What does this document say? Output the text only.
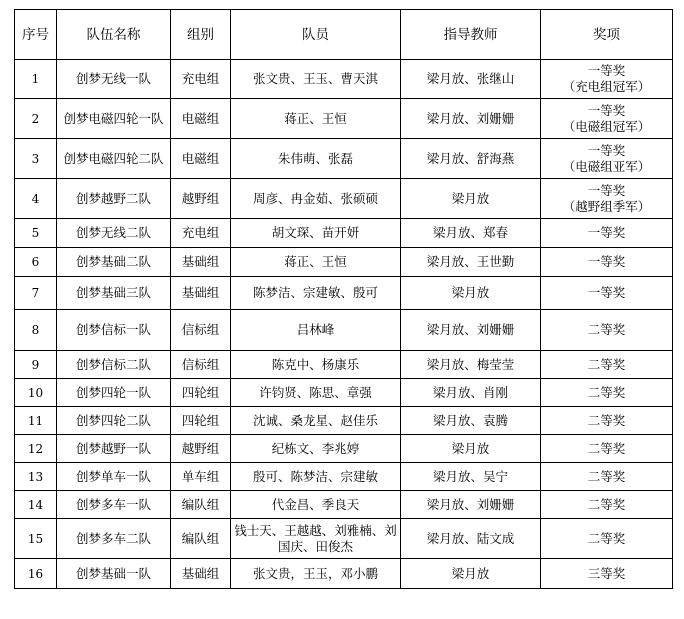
序号	队伍名称	组别	队员	指导教师	奖项
1	创梦无线一队	充电组	张文贵、王玉、曹天淇	梁月放、张继山	一等奖
（充电组冠军）

2	创梦电磁四轮一队	电磁组	蒋正、王恒	梁月放、刘姗姗	一等奖
（电磁组冠军）

3	创梦电磁四轮二队	电磁组	朱伟萌、张磊	梁月放、舒海燕	一等奖
（电磁组亚军）

4	创梦越野二队	越野组	周彦、冉金茹、张硕硕	梁月放	一等奖
（越野组季军）

5	创梦无线二队	充电组	胡文琛、苗开妍	梁月放、郑春	一等奖

6	创梦基础二队	基础组	蒋正、王恒	梁月放、王世勤	一等奖

7	创梦基础三队	基础组	陈梦洁、宗建敏、殷可	梁月放	一等奖

8	创梦信标一队	信标组	吕林峰	梁月放、刘姗姗	二等奖

9	创梦信标二队	信标组	陈克中、杨康乐	梁月放、梅莹莹	二等奖

10	创梦四轮一队	四轮组	许钧贤、陈思、章强	梁月放、肖刚	二等奖

11	创梦四轮二队	四轮组	沈诚、桑龙星、赵佳乐	梁月放、袁腾	二等奖

12	创梦越野一队	越野组	纪栋文、李兆婷	梁月放	二等奖

13	创梦单车一队	单车组	殷可、陈梦洁、宗建敏	梁月放、吴宁	二等奖

14	创梦多车一队	编队组	代金昌、季良天	梁月放、刘姗姗	二等奖

15	创梦多车二队	编队组	钱士天、王越越、刘雅楠、刘国庆、田俊杰	梁月放、陆文成	二等奖

16	创梦基础一队	基础组	张文贵，王玉，邓小鹏	梁月放	三等奖
